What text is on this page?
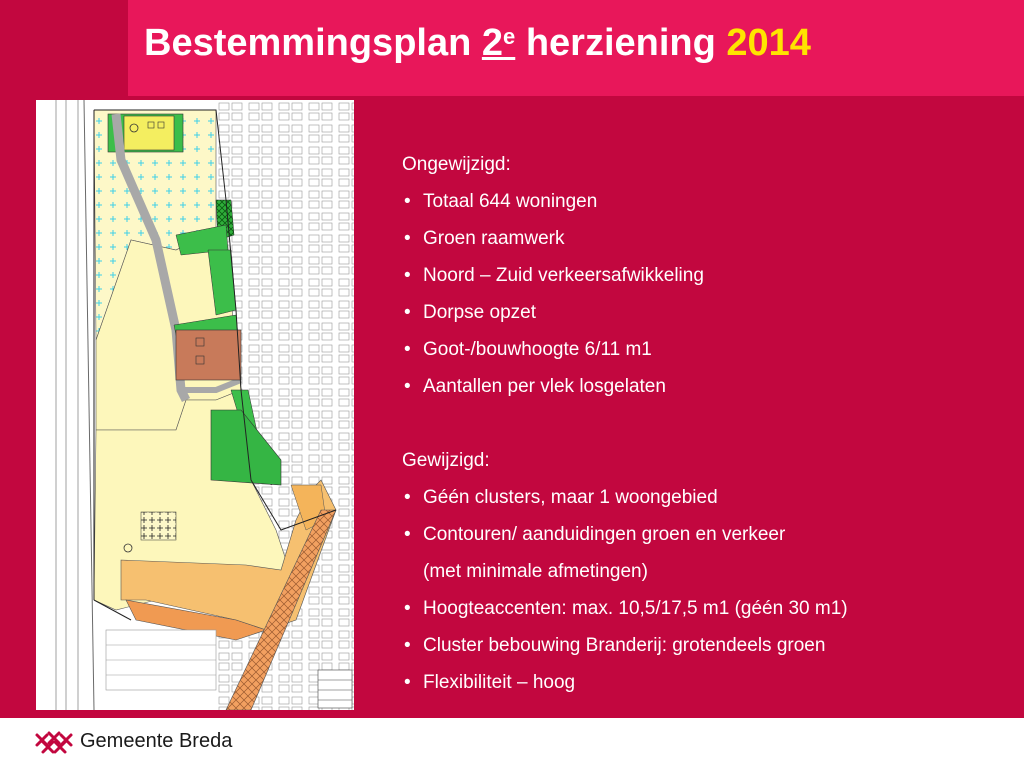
Bestemmingsplan 2e herziening 2014
Ongewijzigd:
• Totaal 644 woningen
• Groen raamwerk
• Noord – Zuid verkeersafwikkeling
• Dorpse opzet
• Goot-/bouwhoogte 6/11 m1
• Aantallen per vlek losgelaten
Gewijzigd:
• Géén clusters, maar 1 woongebied
• Contouren/ aanduidingen groen en verkeer
(met minimale afmetingen)
• Hoogteaccenten: max. 10,5/17,5 m1 (géén 30 m1)
• Cluster bebouwing Branderij: grotendeels groen
• Flexibiliteit – hoog
Gemeente Breda
